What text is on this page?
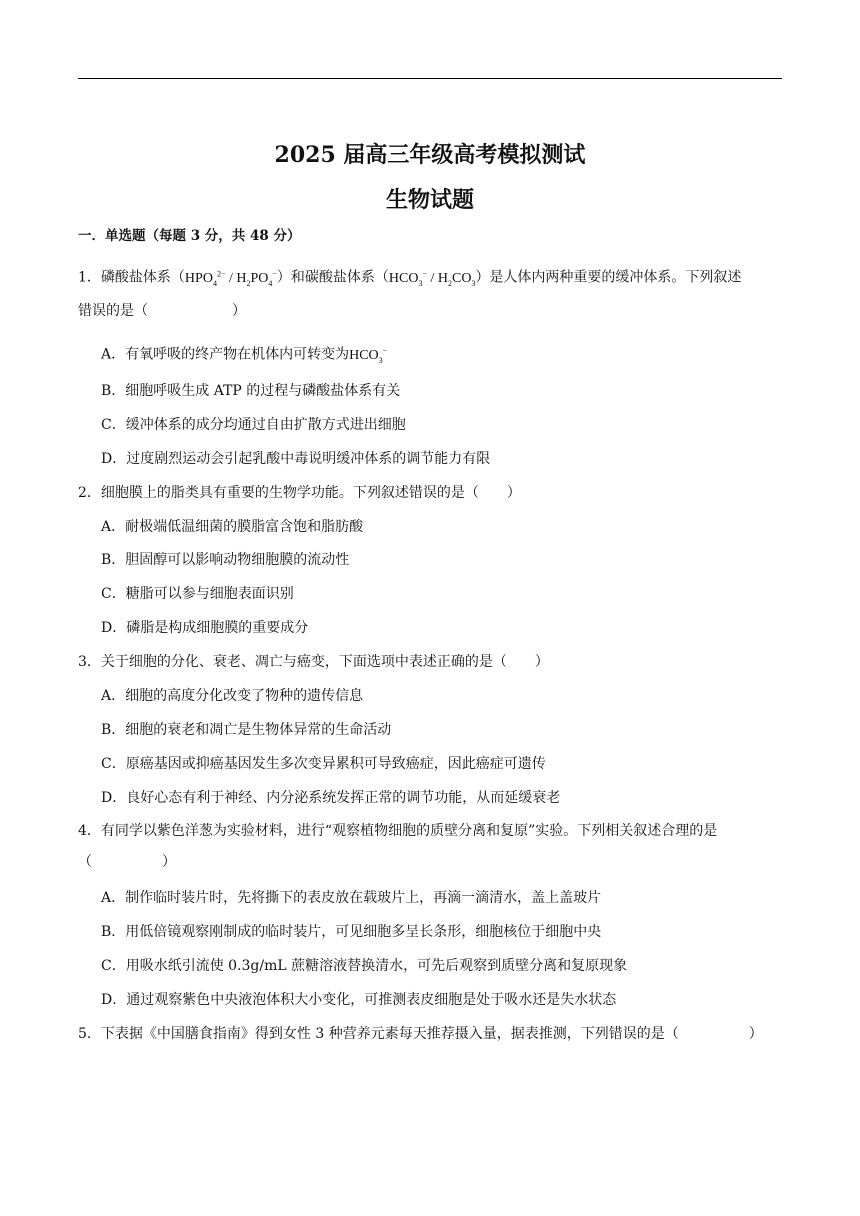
2025 届高三年级高考模拟测试
生物试题
一．单选题（每题 3 分，共 48 分）
1．磷酸盐体系$(HPO_4^{2-} / H_2PO_4^-)$和碳酸盐体系$(HCO_3^- / H_2CO_3)$是人体内两种重要的缓冲体系。下列叙述
错误的是（　　　　　　）
A．有氧呼吸的终产物在机体内可转变为$HCO_3^-$
B．细胞呼吸生成 ATP 的过程与磷酸盐体系有关
C．缓冲体系的成分均通过自由扩散方式进出细胞
D．过度剧烈运动会引起乳酸中毒说明缓冲体系的调节能力有限
2．细胞膜上的脂类具有重要的生物学功能。下列叙述错误的是（　　）
A．耐极端低温细菌的膜脂富含饱和脂肪酸
B．胆固醇可以影响动物细胞膜的流动性
C．糖脂可以参与细胞表面识别
D．磷脂是构成细胞膜的重要成分
3．关于细胞的分化、衰老、凋亡与癌变，下面选项中表述正确的是（　　）
A．细胞的高度分化改变了物种的遗传信息
B．细胞的衰老和凋亡是生物体异常的生命活动
C．原癌基因或抑癌基因发生多次变异累积可导致癌症，因此癌症可遗传
D．良好心态有利于神经、内分泌系统发挥正常的调节功能，从而延缓衰老
4．有同学以紫色洋葱为实验材料，进行“观察植物细胞的质壁分离和复原”实验。下列相关叙述合理的是
（　　　　　）
A．制作临时装片时，先将撕下的表皮放在载玻片上，再滴一滴清水，盖上盖玻片
B．用低倍镜观察刚制成的临时装片，可见细胞多呈长条形，细胞核位于细胞中央
C．用吸水纸引流使 0.3g/mL 蔗糖溶液替换清水，可先后观察到质壁分离和复原现象
D．通过观察紫色中央液泡体积大小变化，可推测表皮细胞是处于吸水还是失水状态
5．下表据《中国膳食指南》得到女性 3 种营养元素每天推荐摄入量，据表推测，下列错误的是（　　　　　）
